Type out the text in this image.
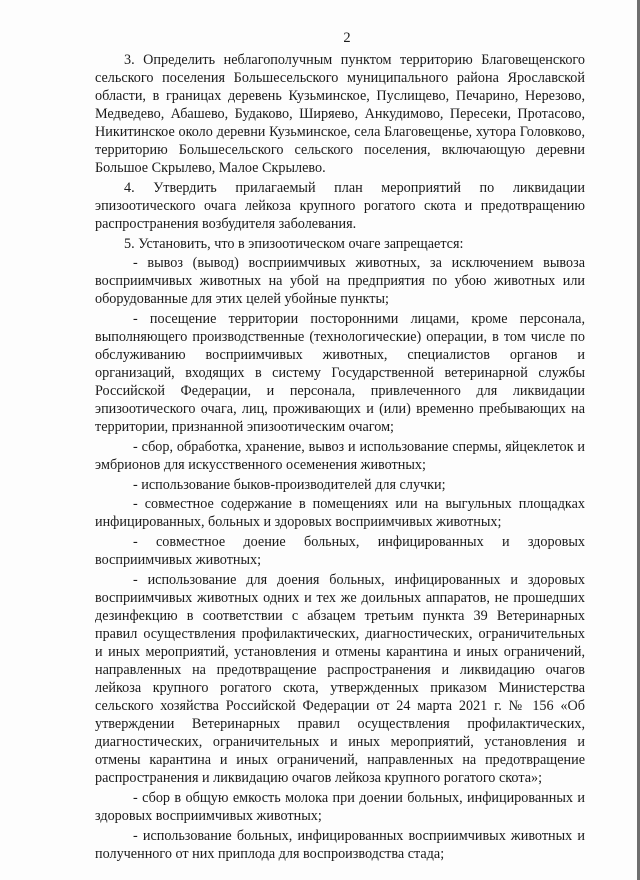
2

3. Определить неблагополучным пунктом территорию Благовещенского сельского поселения Большесельского муниципального района Ярославской области, в границах деревень Кузьминское, Пуслищево, Печарино, Нерезово, Медведево, Абашево, Будаково, Ширяево, Анкудимово, Пересеки, Протасово, Никитинское около деревни Кузьминское, села Благовещенье, хутора Головково, территорию Большесельского сельского поселения, включающую деревни Большое Скрылево, Малое Скрылево.

4. Утвердить прилагаемый план мероприятий по ликвидации эпизоотического очага лейкоза крупного рогатого скота и предотвращению распространения возбудителя заболевания.

5. Установить, что в эпизоотическом очаге запрещается:

- вывоз (вывод) восприимчивых животных, за исключением вывоза восприимчивых животных на убой на предприятия по убою животных или оборудованные для этих целей убойные пункты;

- посещение территории посторонними лицами, кроме персонала, выполняющего производственные (технологические) операции, в том числе по обслуживанию восприимчивых животных, специалистов органов и организаций, входящих в систему Государственной ветеринарной службы Российской Федерации, и персонала, привлеченного для ликвидации эпизоотического очага, лиц, проживающих и (или) временно пребывающих на территории, признанной эпизоотическим очагом;

- сбор, обработка, хранение, вывоз и использование спермы, яйцеклеток и эмбрионов для искусственного осеменения животных;

- использование быков-производителей для случки;

- совместное содержание в помещениях или на выгульных площадках инфицированных, больных и здоровых восприимчивых животных;

- совместное доение больных, инфицированных и здоровых восприимчивых животных;

- использование для доения больных, инфицированных и здоровых восприимчивых животных одних и тех же доильных аппаратов, не прошедших дезинфекцию в соответствии с абзацем третьим пункта 39 Ветеринарных правил осуществления профилактических, диагностических, ограничительных и иных мероприятий, установления и отмены карантина и иных ограничений, направленных на предотвращение распространения и ликвидацию очагов лейкоза крупного рогатого скота, утвержденных приказом Министерства сельского хозяйства Российской Федерации от 24 марта 2021 г. № 156 «Об утверждении Ветеринарных правил осуществления профилактических, диагностических, ограничительных и иных мероприятий, установления и отмены карантина и иных ограничений, направленных на предотвращение распространения и ликвидацию очагов лейкоза крупного рогатого скота»;

- сбор в общую емкость молока при доении больных, инфицированных и здоровых восприимчивых животных;

- использование больных, инфицированных восприимчивых животных и полученного от них приплода для воспроизводства стада;
